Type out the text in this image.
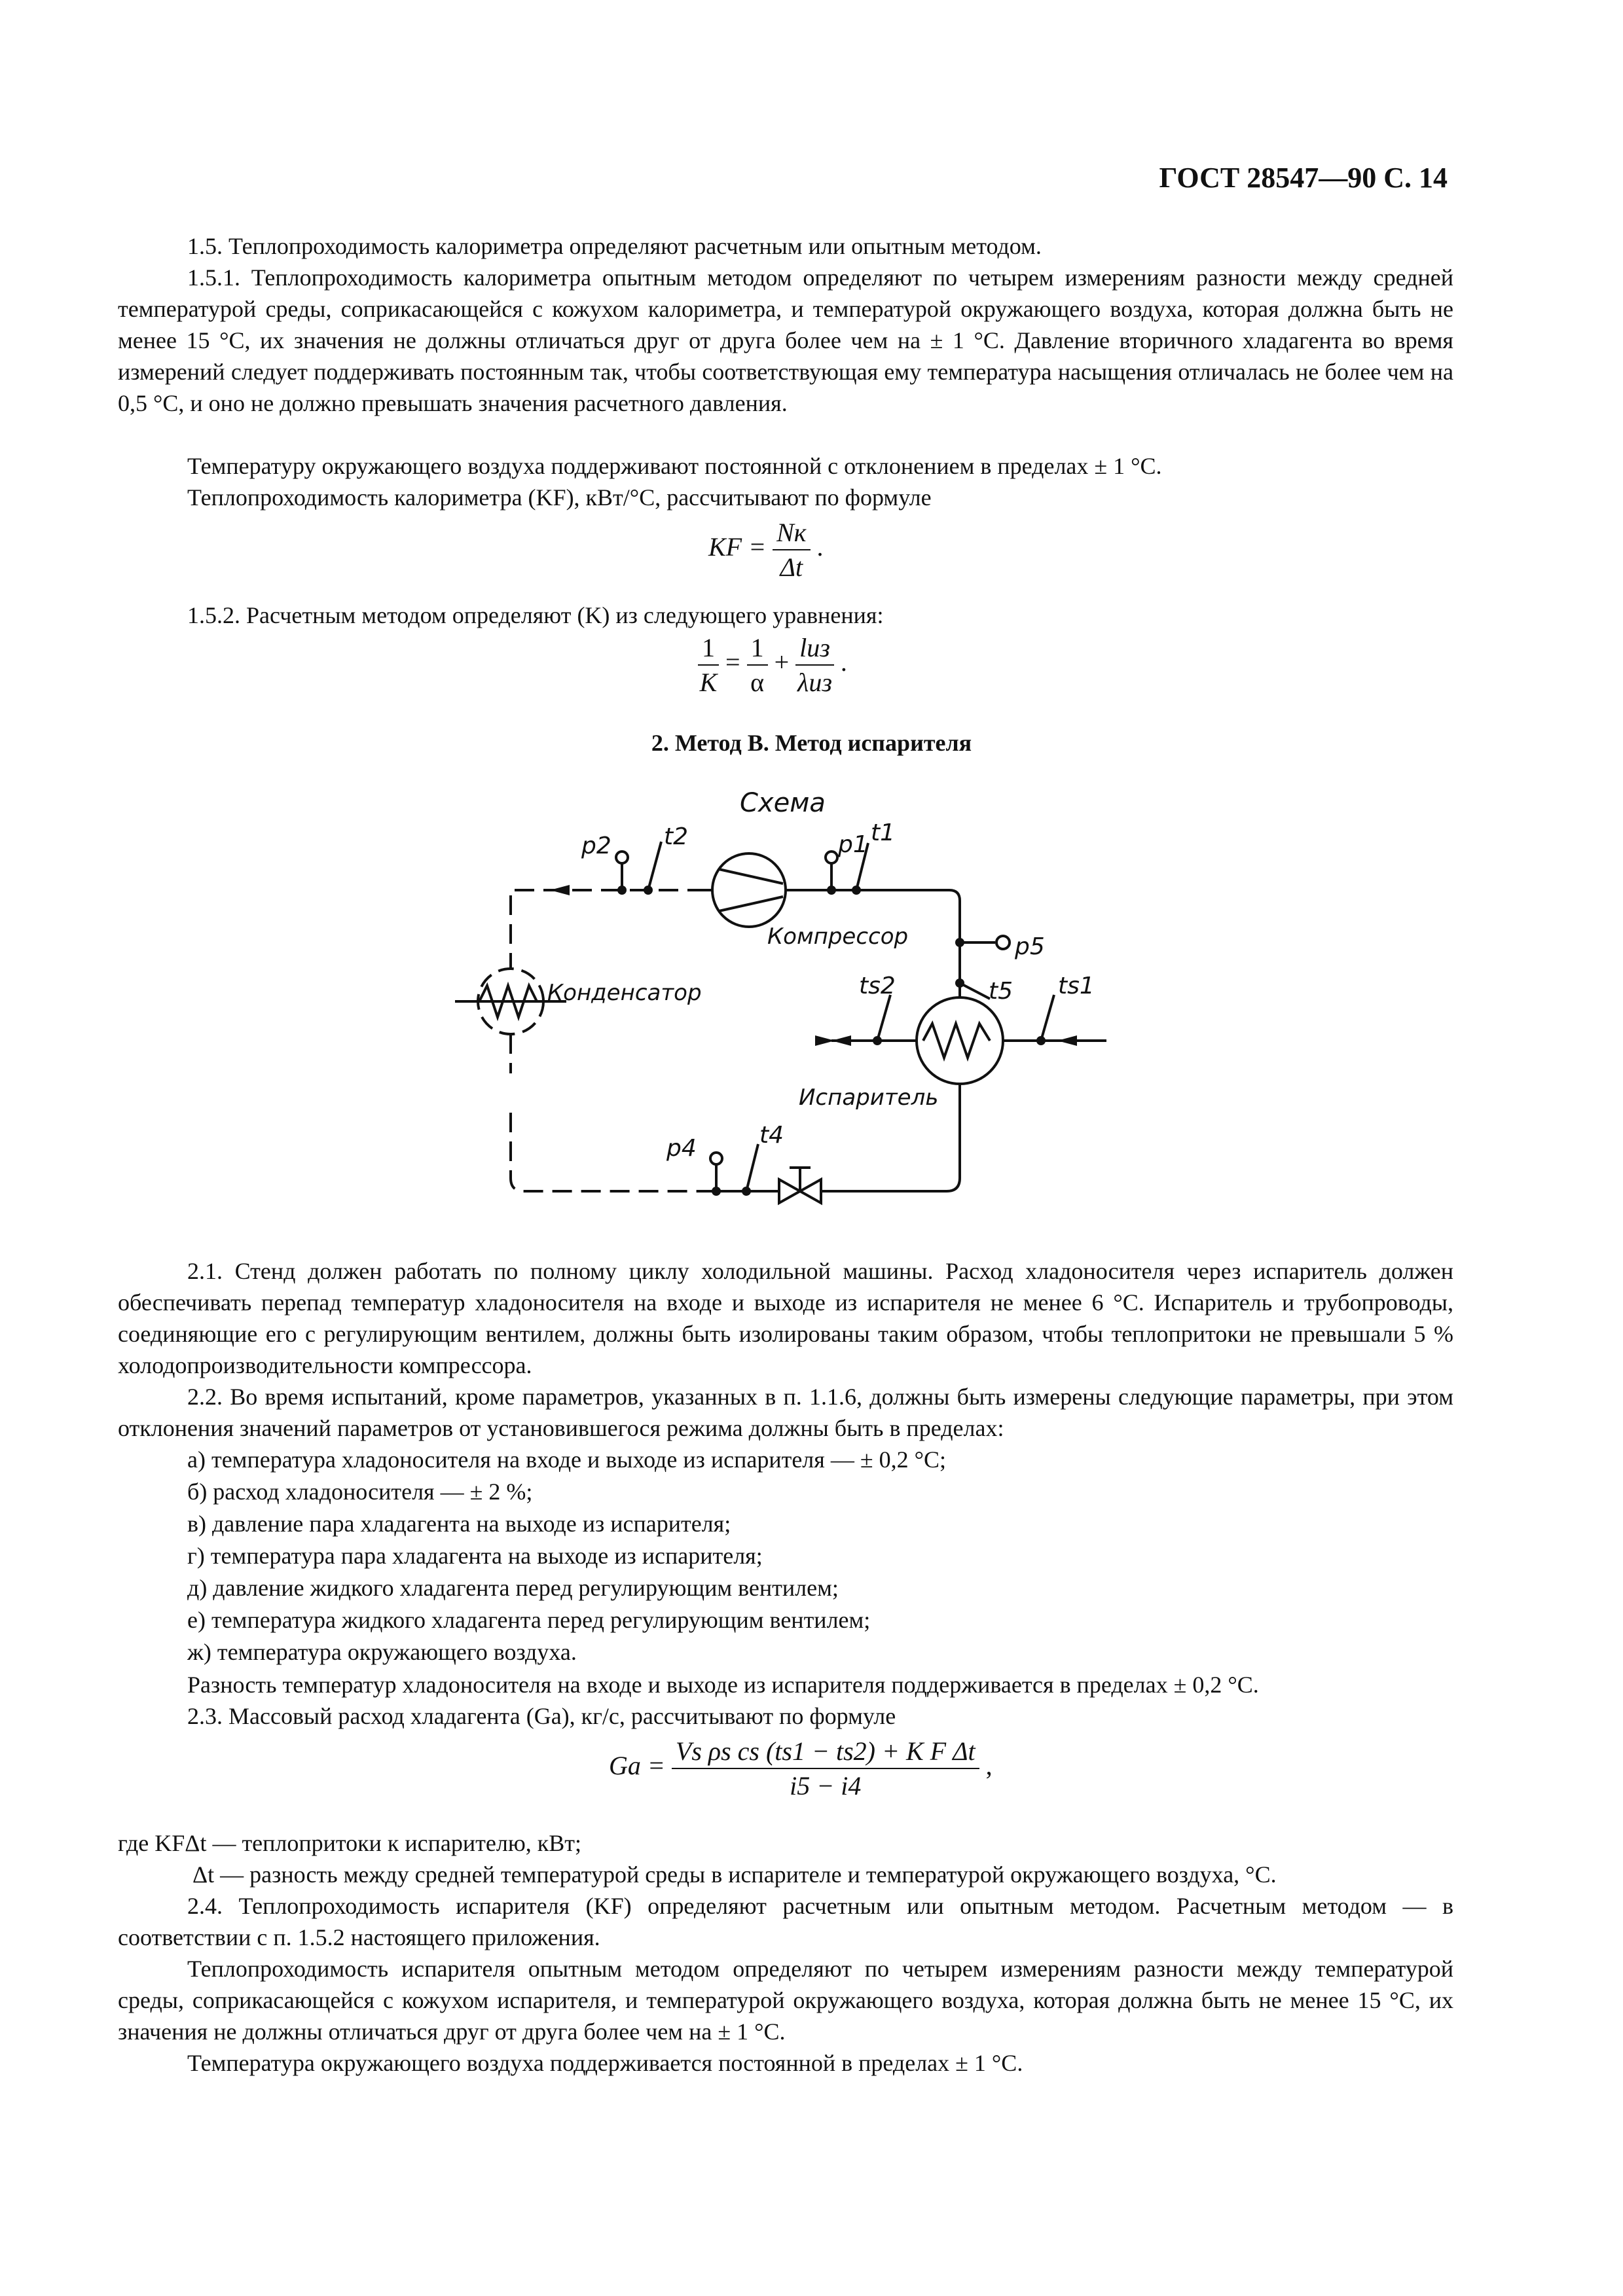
ГОСТ 28547—90 С. 14

1.5. Теплопроходимость калориметра определяют расчетным или опытным методом.

1.5.1. Теплопроходимость калориметра опытным методом определяют по четырем измерениям разности между средней температурой среды, соприкасающейся с кожухом калориметра, и температурой окружающего воздуха, которая должна быть не менее 15 °С, их значения не должны отличаться друг от друга более чем на ± 1 °С. Давление вторичного хладагента во время измерений следует поддерживать постоянным так, чтобы соответствующая ему температура насыщения отличалась не более чем на 0,5 °С, и оно не должно превышать значения расчетного давления.

Температуру окружающего воздуха поддерживают постоянной с отклонением в пределах ± 1 °С.

Теплопроходимость калориметра (KF), кВт/°С, рассчитывают по формуле

KF = $\frac{Nк}{\Delta t}$ .

1.5.2. Расчетным методом определяют (K) из следующего уравнения:

$\frac{1}{K} = \frac{1}{\alpha} + \frac{\text{lиз}}{\text{λиз}}$ .
2. Метод В. Метод испарителя
Схема
Компрессор
Конденсатор
Испаритель
p2 t2	p1 t1
p5
t5
ts2	ts1
p4	t4

2.1. Стенд должен работать по полному циклу холодильной машины. Расход хладоносителя через испаритель должен обеспечивать перепад температур хладоносителя на входе и выходе из испарителя не менее 6 °С. Испаритель и трубопроводы, соединяющие его с регулирующим вентилем, должны быть изолированы таким образом, чтобы теплопритоки не превышали 5 % холодопроизводительности компрессора.

2.2. Во время испытаний, кроме параметров, указанных в п. 1.1.6, должны быть измерены следующие параметры, при этом отклонения значений параметров от установившегося режима должны быть в пределах:

а) температура хладоносителя на входе и выходе из испарителя — ± 0,2 °С;
б) расход хладоносителя — ± 2 %;
в) давление пара хладагента на выходе из испарителя;
г) температура пара хладагента на выходе из испарителя;
д) давление жидкого хладагента перед регулирующим вентилем;
е) температура жидкого хладагента перед регулирующим вентилем;
ж) температура окружающего воздуха.
Разность температур хладоносителя на входе и выходе из испарителя поддерживается в пределах ± 0,2 °С.
2.3. Массовый расход хладагента (Ga), кг/с, рассчитывают по формуле
$Ga = \frac{\text{Vs ρs cs (ts1 − ts2) + K F Δt}}{i5 - i4}$ ,
где KFΔt — теплопритоки к испарителю, кВт;
Δt — разность между средней температурой среды в испарителе и температурой окружающего воздуха, °С.

2.4. Теплопроходимость испарителя (KF) определяют расчетным или опытным методом. Расчетным методом — в соответствии с п. 1.5.2 настоящего приложения.

Теплопроходимость испарителя опытным методом определяют по четырем измерениям разности между температурой среды, соприкасающейся с кожухом испарителя, и температурой окружающего воздуха, которая должна быть не менее 15 °С, их значения не должны отличаться друг от друга более чем на ± 1 °С.

Температура окружающего воздуха поддерживается постоянной в пределах ± 1 °С.
